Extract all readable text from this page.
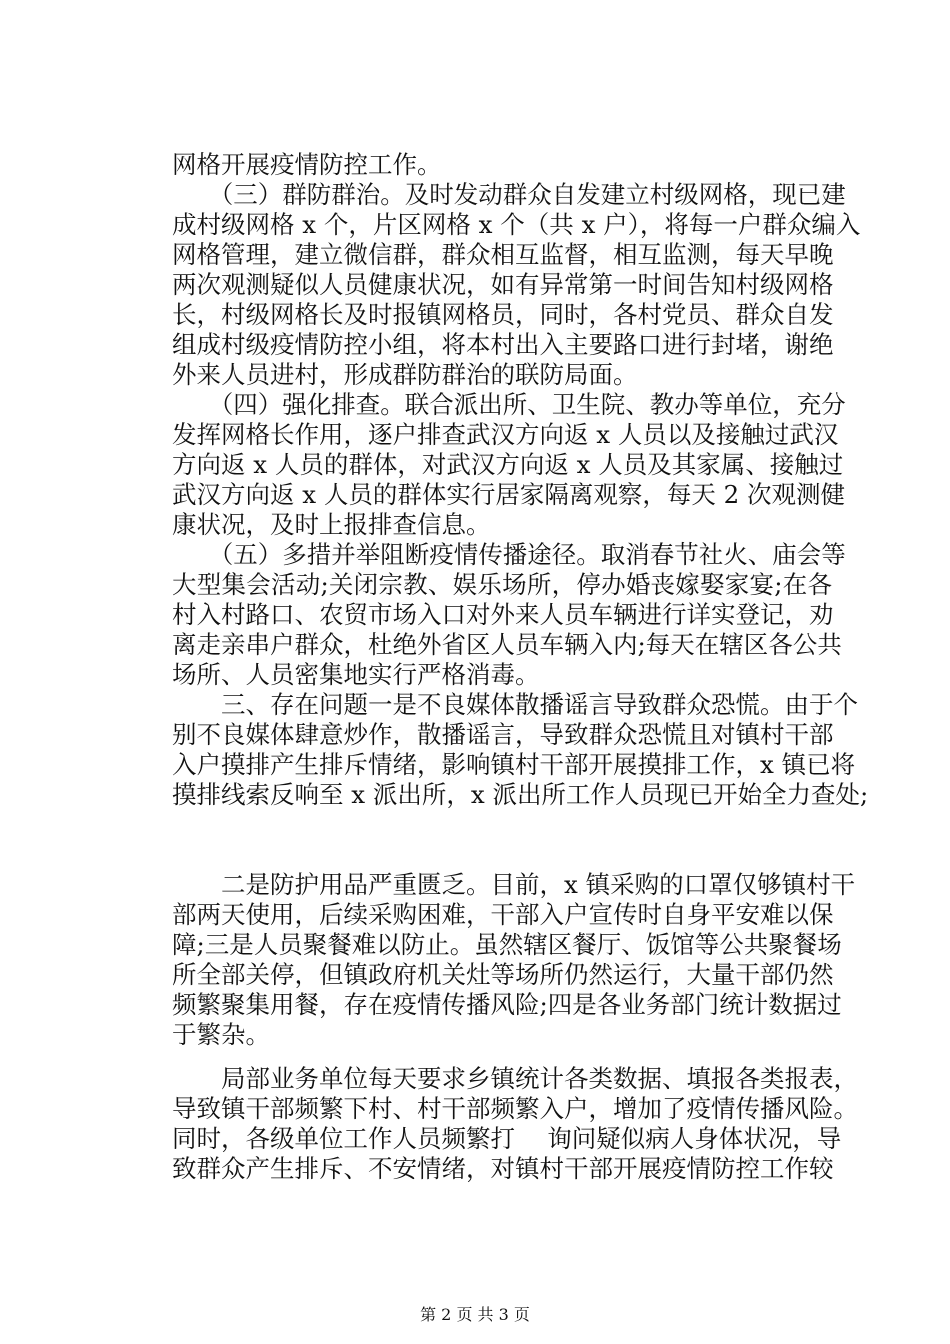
网格开展疫情防控工作。
　　（三）群防群治。及时发动群众自发建立村级网格，现已建
成村级网格 x 个，片区网格 x 个（共 x 户），将每一户群众编入
网格管理，建立微信群，群众相互监督，相互监测，每天早晚
两次观测疑似人员健康状况，如有异常第一时间告知村级网格
长，村级网格长及时报镇网格员，同时，各村党员、群众自发
组成村级疫情防控小组，将本村出入主要路口进行封堵，谢绝
外来人员进村，形成群防群治的联防局面。
　　（四）强化排查。联合派出所、卫生院、教办等单位，充分
发挥网格长作用，逐户排查武汉方向返 x 人员以及接触过武汉
方向返 x 人员的群体，对武汉方向返 x 人员及其家属、接触过
武汉方向返 x 人员的群体实行居家隔离观察，每天 2 次观测健
康状况，及时上报排查信息。
　　（五）多措并举阻断疫情传播途径。取消春节社火、庙会等
大型集会活动;关闭宗教、娱乐场所，停办婚丧嫁娶家宴;在各
村入村路口、农贸市场入口对外来人员车辆进行详实登记，劝
离走亲串户群众，杜绝外省区人员车辆入内;每天在辖区各公共
场所、人员密集地实行严格消毒。
　　三、存在问题一是不良媒体散播谣言导致群众恐慌。由于个
别不良媒体肆意炒作，散播谣言，导致群众恐慌且对镇村干部
入户摸排产生排斥情绪，影响镇村干部开展摸排工作，x 镇已将
摸排线索反响至 x 派出所，x 派出所工作人员现已开始全力查处;
　　二是防护用品严重匮乏。目前，x 镇采购的口罩仅够镇村干
部两天使用，后续采购困难，干部入户宣传时自身平安难以保
障;三是人员聚餐难以防止。虽然辖区餐厅、饭馆等公共聚餐场
所全部关停，但镇政府机关灶等场所仍然运行，大量干部仍然
频繁聚集用餐，存在疫情传播风险;四是各业务部门统计数据过
于繁杂。
　　局部业务单位每天要求乡镇统计各类数据、填报各类报表，
导致镇干部频繁下村、村干部频繁入户，增加了疫情传播风险。
同时，各级单位工作人员频繁打　 询问疑似病人身体状况，导
致群众产生排斥、不安情绪，对镇村干部开展疫情防控工作较
第 2 页 共 3 页
